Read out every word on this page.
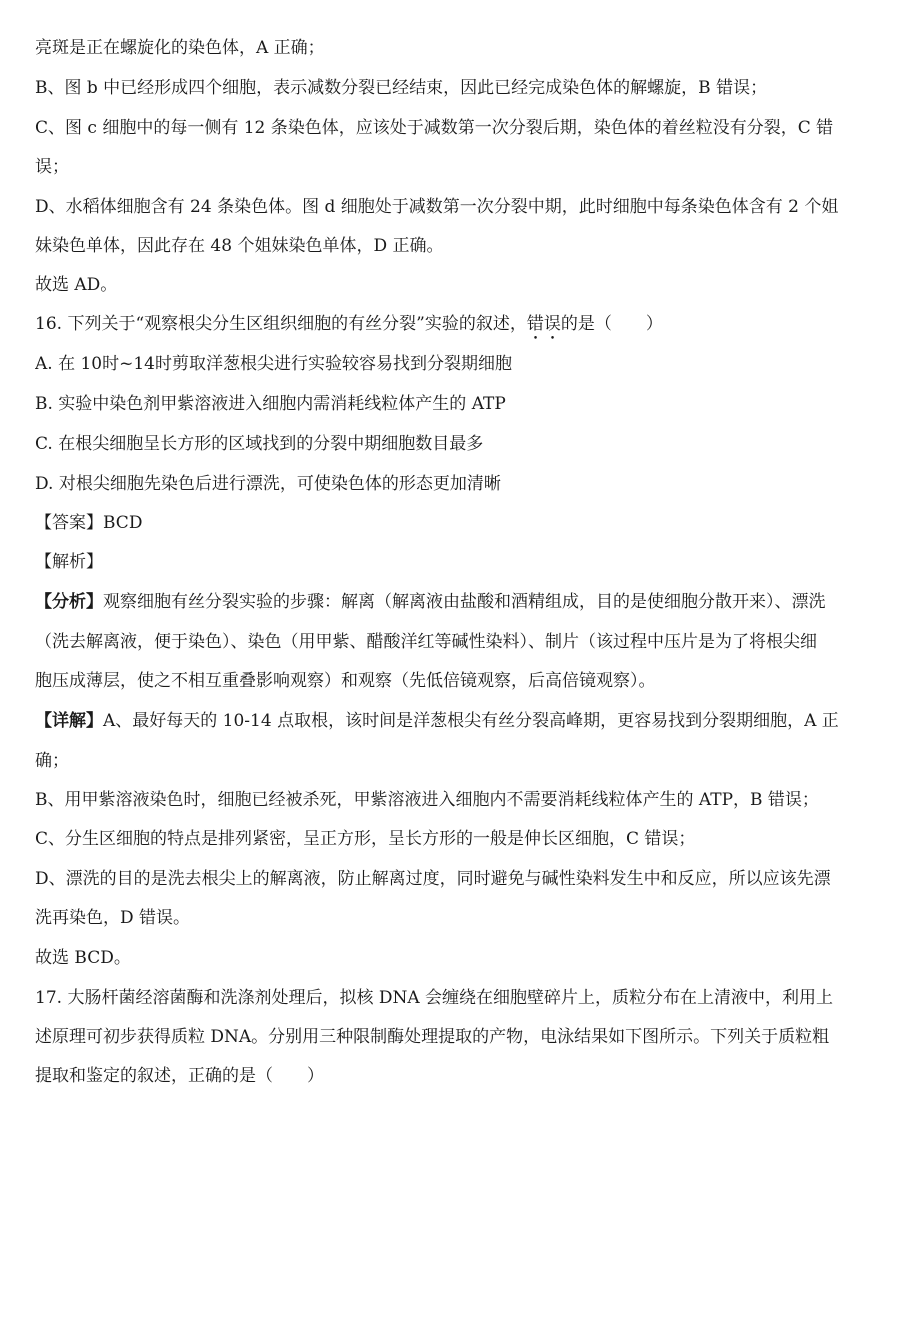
亮斑是正在螺旋化的染色体，A 正确；
B、图 b 中已经形成四个细胞，表示减数分裂已经结束，因此已经完成染色体的解螺旋，B 错误；
C、图 c 细胞中的每一侧有 12 条染色体，应该处于减数第一次分裂后期，染色体的着丝粒没有分裂，C 错
误；
D、水稻体细胞含有 24 条染色体。图 d 细胞处于减数第一次分裂中期，此时细胞中每条染色体含有 2 个姐
妹染色单体，因此存在 48 个姐妹染色单体，D 正确。
故选 AD。
16. 下列关于“观察根尖分生区组织细胞的有丝分裂”实验的叙述，错误的是（　　）
A. 在 10时~14时剪取洋葱根尖进行实验较容易找到分裂期细胞
B. 实验中染色剂甲紫溶液进入细胞内需消耗线粒体产生的 ATP
C. 在根尖细胞呈长方形的区域找到的分裂中期细胞数目最多
D. 对根尖细胞先染色后进行漂洗，可使染色体的形态更加清晰
【答案】BCD
【解析】
【分析】观察细胞有丝分裂实验的步骤：解离（解离液由盐酸和酒精组成，目的是使细胞分散开来）、漂洗
（洗去解离液，便于染色）、染色（用甲紫、醋酸洋红等碱性染料）、制片（该过程中压片是为了将根尖细
胞压成薄层，使之不相互重叠影响观察）和观察（先低倍镜观察，后高倍镜观察）。
【详解】A、最好每天的 10-14 点取根，该时间是洋葱根尖有丝分裂高峰期，更容易找到分裂期细胞，A 正
确；
B、用甲紫溶液染色时，细胞已经被杀死，甲紫溶液进入细胞内不需要消耗线粒体产生的 ATP，B 错误；
C、分生区细胞的特点是排列紧密，呈正方形，呈长方形的一般是伸长区细胞，C 错误；
D、漂洗的目的是洗去根尖上的解离液，防止解离过度，同时避免与碱性染料发生中和反应，所以应该先漂
洗再染色，D 错误。
故选 BCD。
17. 大肠杆菌经溶菌酶和洗涤剂处理后，拟核 DNA 会缠绕在细胞壁碎片上，质粒分布在上清液中，利用上
述原理可初步获得质粒 DNA。分别用三种限制酶处理提取的产物，电泳结果如下图所示。下列关于质粒粗
提取和鉴定的叙述，正确的是（　　）
